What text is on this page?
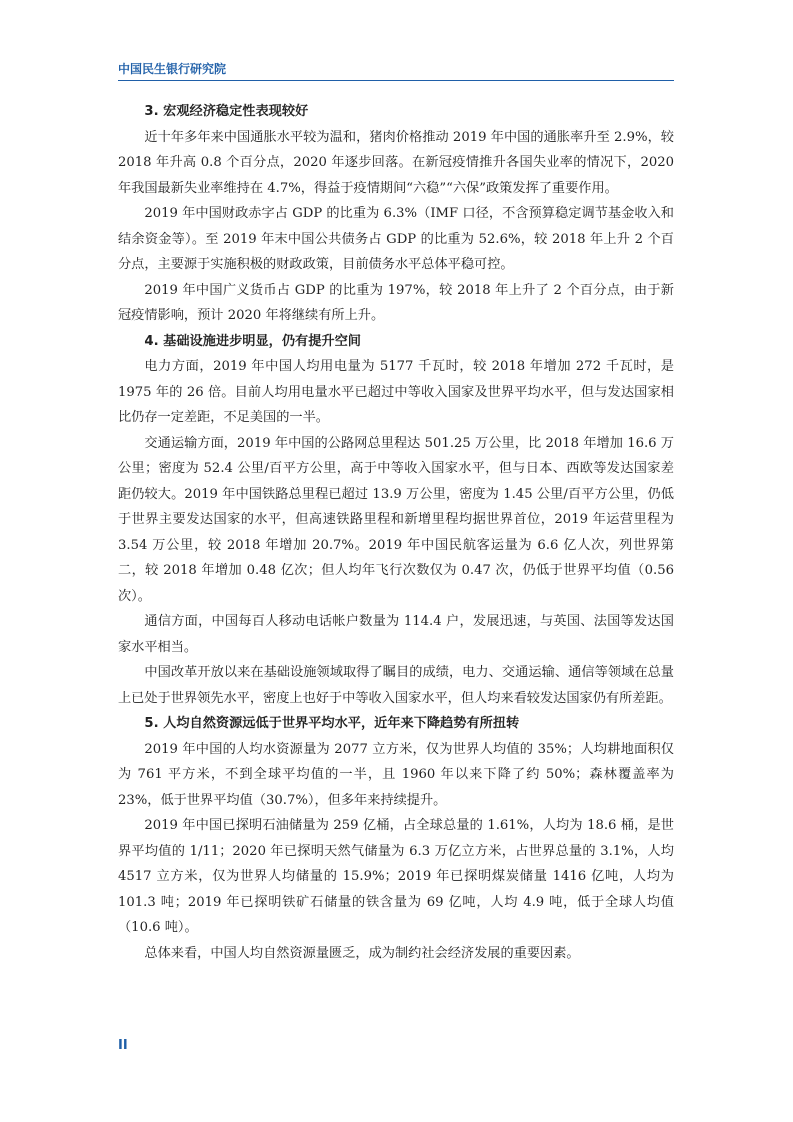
中国民生银行研究院
3. 宏观经济稳定性表现较好

近十年多年来中国通胀水平较为温和，猪肉价格推动 2019 年中国的通胀率升至 2.9%，较 2018 年升高 0.8 个百分点，2020 年逐步回落。在新冠疫情推升各国失业率的情况下，2020 年我国最新失业率维持在 4.7%，得益于疫情期间“六稳”“六保”政策发挥了重要作用。

2019 年中国财政赤字占 GDP 的比重为 6.3%（IMF 口径，不含预算稳定调节基金收入和结余资金等）。至 2019 年末中国公共债务占 GDP 的比重为 52.6%，较 2018 年上升 2 个百分点，主要源于实施积极的财政政策，目前债务水平总体平稳可控。

2019 年中国广义货币占 GDP 的比重为 197%，较 2018 年上升了 2 个百分点，由于新冠疫情影响，预计 2020 年将继续有所上升。

4. 基础设施进步明显，仍有提升空间

电力方面，2019 年中国人均用电量为 5177 千瓦时，较 2018 年增加 272 千瓦时，是 1975 年的 26 倍。目前人均用电量水平已超过中等收入国家及世界平均水平，但与发达国家相比仍存一定差距，不足美国的一半。

交通运输方面，2019 年中国的公路网总里程达 501.25 万公里，比 2018 年增加 16.6 万公里；密度为 52.4 公里/百平方公里，高于中等收入国家水平，但与日本、西欧等发达国家差距仍较大。2019 年中国铁路总里程已超过 13.9 万公里，密度为 1.45 公里/百平方公里，仍低于世界主要发达国家的水平，但高速铁路里程和新增里程均据世界首位，2019 年运营里程为 3.54 万公里，较 2018 年增加 20.7%。2019 年中国民航客运量为 6.6 亿人次，列世界第二，较 2018 年增加 0.48 亿次；但人均年飞行次数仅为 0.47 次，仍低于世界平均值（0.56 次）。

通信方面，中国每百人移动电话帐户数量为 114.4 户，发展迅速，与英国、法国等发达国家水平相当。

中国改革开放以来在基础设施领域取得了瞩目的成绩，电力、交通运输、通信等领域在总量上已处于世界领先水平，密度上也好于中等收入国家水平，但人均来看较发达国家仍有所差距。

5. 人均自然资源远低于世界平均水平，近年来下降趋势有所扭转

2019 年中国的人均水资源量为 2077 立方米，仅为世界人均值的 35%；人均耕地面积仅为 761 平方米，不到全球平均值的一半，且 1960 年以来下降了约 50%；森林覆盖率为 23%，低于世界平均值（30.7%），但多年来持续提升。

2019 年中国已探明石油储量为 259 亿桶，占全球总量的 1.61%，人均为 18.6 桶，是世界平均值的 1/11；2020 年已探明天然气储量为 6.3 万亿立方米，占世界总量的 3.1%，人均 4517 立方米，仅为世界人均储量的 15.9%；2019 年已探明煤炭储量 1416 亿吨，人均为 101.3 吨；2019 年已探明铁矿石储量的铁含量为 69 亿吨，人均 4.9 吨，低于全球人均值（10.6 吨）。

总体来看，中国人均自然资源量匮乏，成为制约社会经济发展的重要因素。

II
